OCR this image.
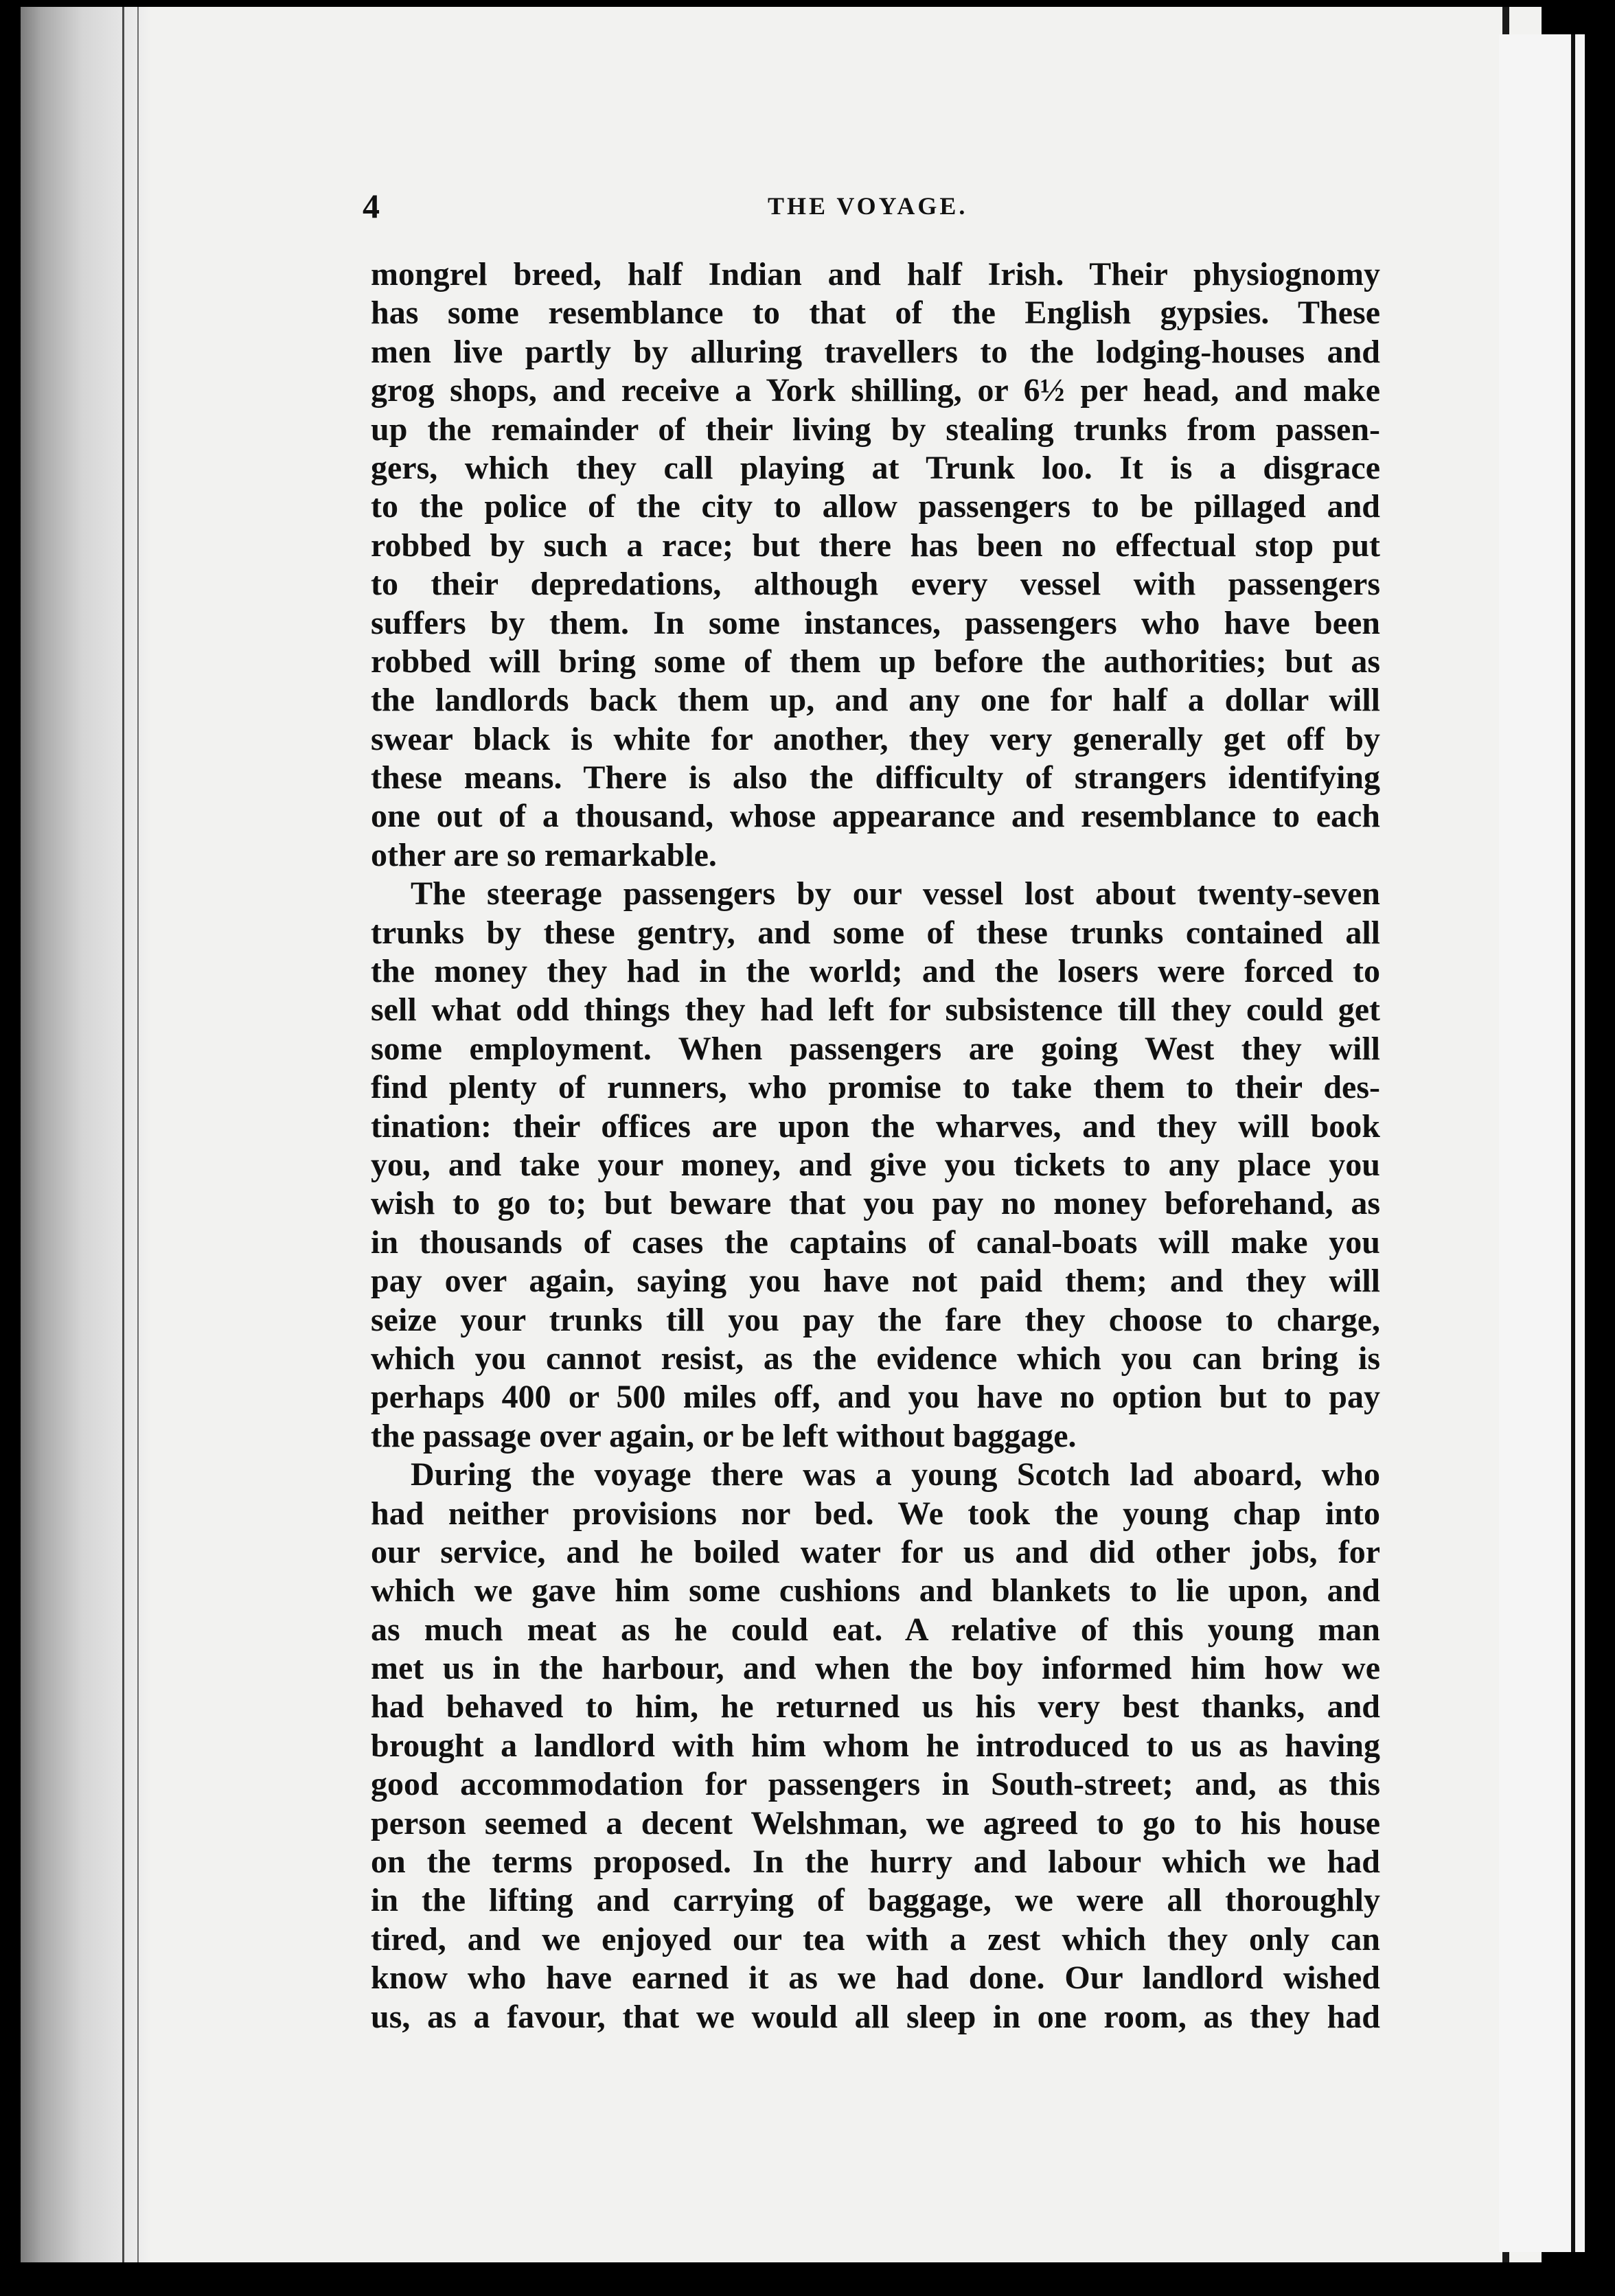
4	THE VOYAGE.
mongrel breed, half Indian and half Irish. Their physiognomy
has some resemblance to that of the English gypsies. These
men live partly by alluring travellers to the lodging-houses and
grog shops, and receive a York shilling, or 6½ per head, and make
up the remainder of their living by stealing trunks from passen-
gers, which they call playing at Trunk loo. It is a disgrace
to the police of the city to allow passengers to be pillaged and
robbed by such a race; but there has been no effectual stop put
to their depredations, although every vessel with passengers
suffers by them. In some instances, passengers who have been
robbed will bring some of them up before the authorities; but as
the landlords back them up, and any one for half a dollar will
swear black is white for another, they very generally get off by
these means. There is also the difficulty of strangers identifying
one out of a thousand, whose appearance and resemblance to each
other are so remarkable.
The steerage passengers by our vessel lost about twenty-seven
trunks by these gentry, and some of these trunks contained all
the money they had in the world; and the losers were forced to
sell what odd things they had left for subsistence till they could get
some employment. When passengers are going West they will
find plenty of runners, who promise to take them to their des-
tination: their offices are upon the wharves, and they will book
you, and take your money, and give you tickets to any place you
wish to go to; but beware that you pay no money beforehand, as
in thousands of cases the captains of canal-boats will make you
pay over again, saying you have not paid them; and they will
seize your trunks till you pay the fare they choose to charge,
which you cannot resist, as the evidence which you can bring is
perhaps 400 or 500 miles off, and you have no option but to pay
the passage over again, or be left without baggage.
During the voyage there was a young Scotch lad aboard, who
had neither provisions nor bed. We took the young chap into
our service, and he boiled water for us and did other jobs, for
which we gave him some cushions and blankets to lie upon, and
as much meat as he could eat. A relative of this young man
met us in the harbour, and when the boy informed him how we
had behaved to him, he returned us his very best thanks, and
brought a landlord with him whom he introduced to us as having
good accommodation for passengers in South-street; and, as this
person seemed a decent Welshman, we agreed to go to his house
on the terms proposed. In the hurry and labour which we had
in the lifting and carrying of baggage, we were all thoroughly
tired, and we enjoyed our tea with a zest which they only can
know who have earned it as we had done. Our landlord wished
us, as a favour, that we would all sleep in one room, as they had
